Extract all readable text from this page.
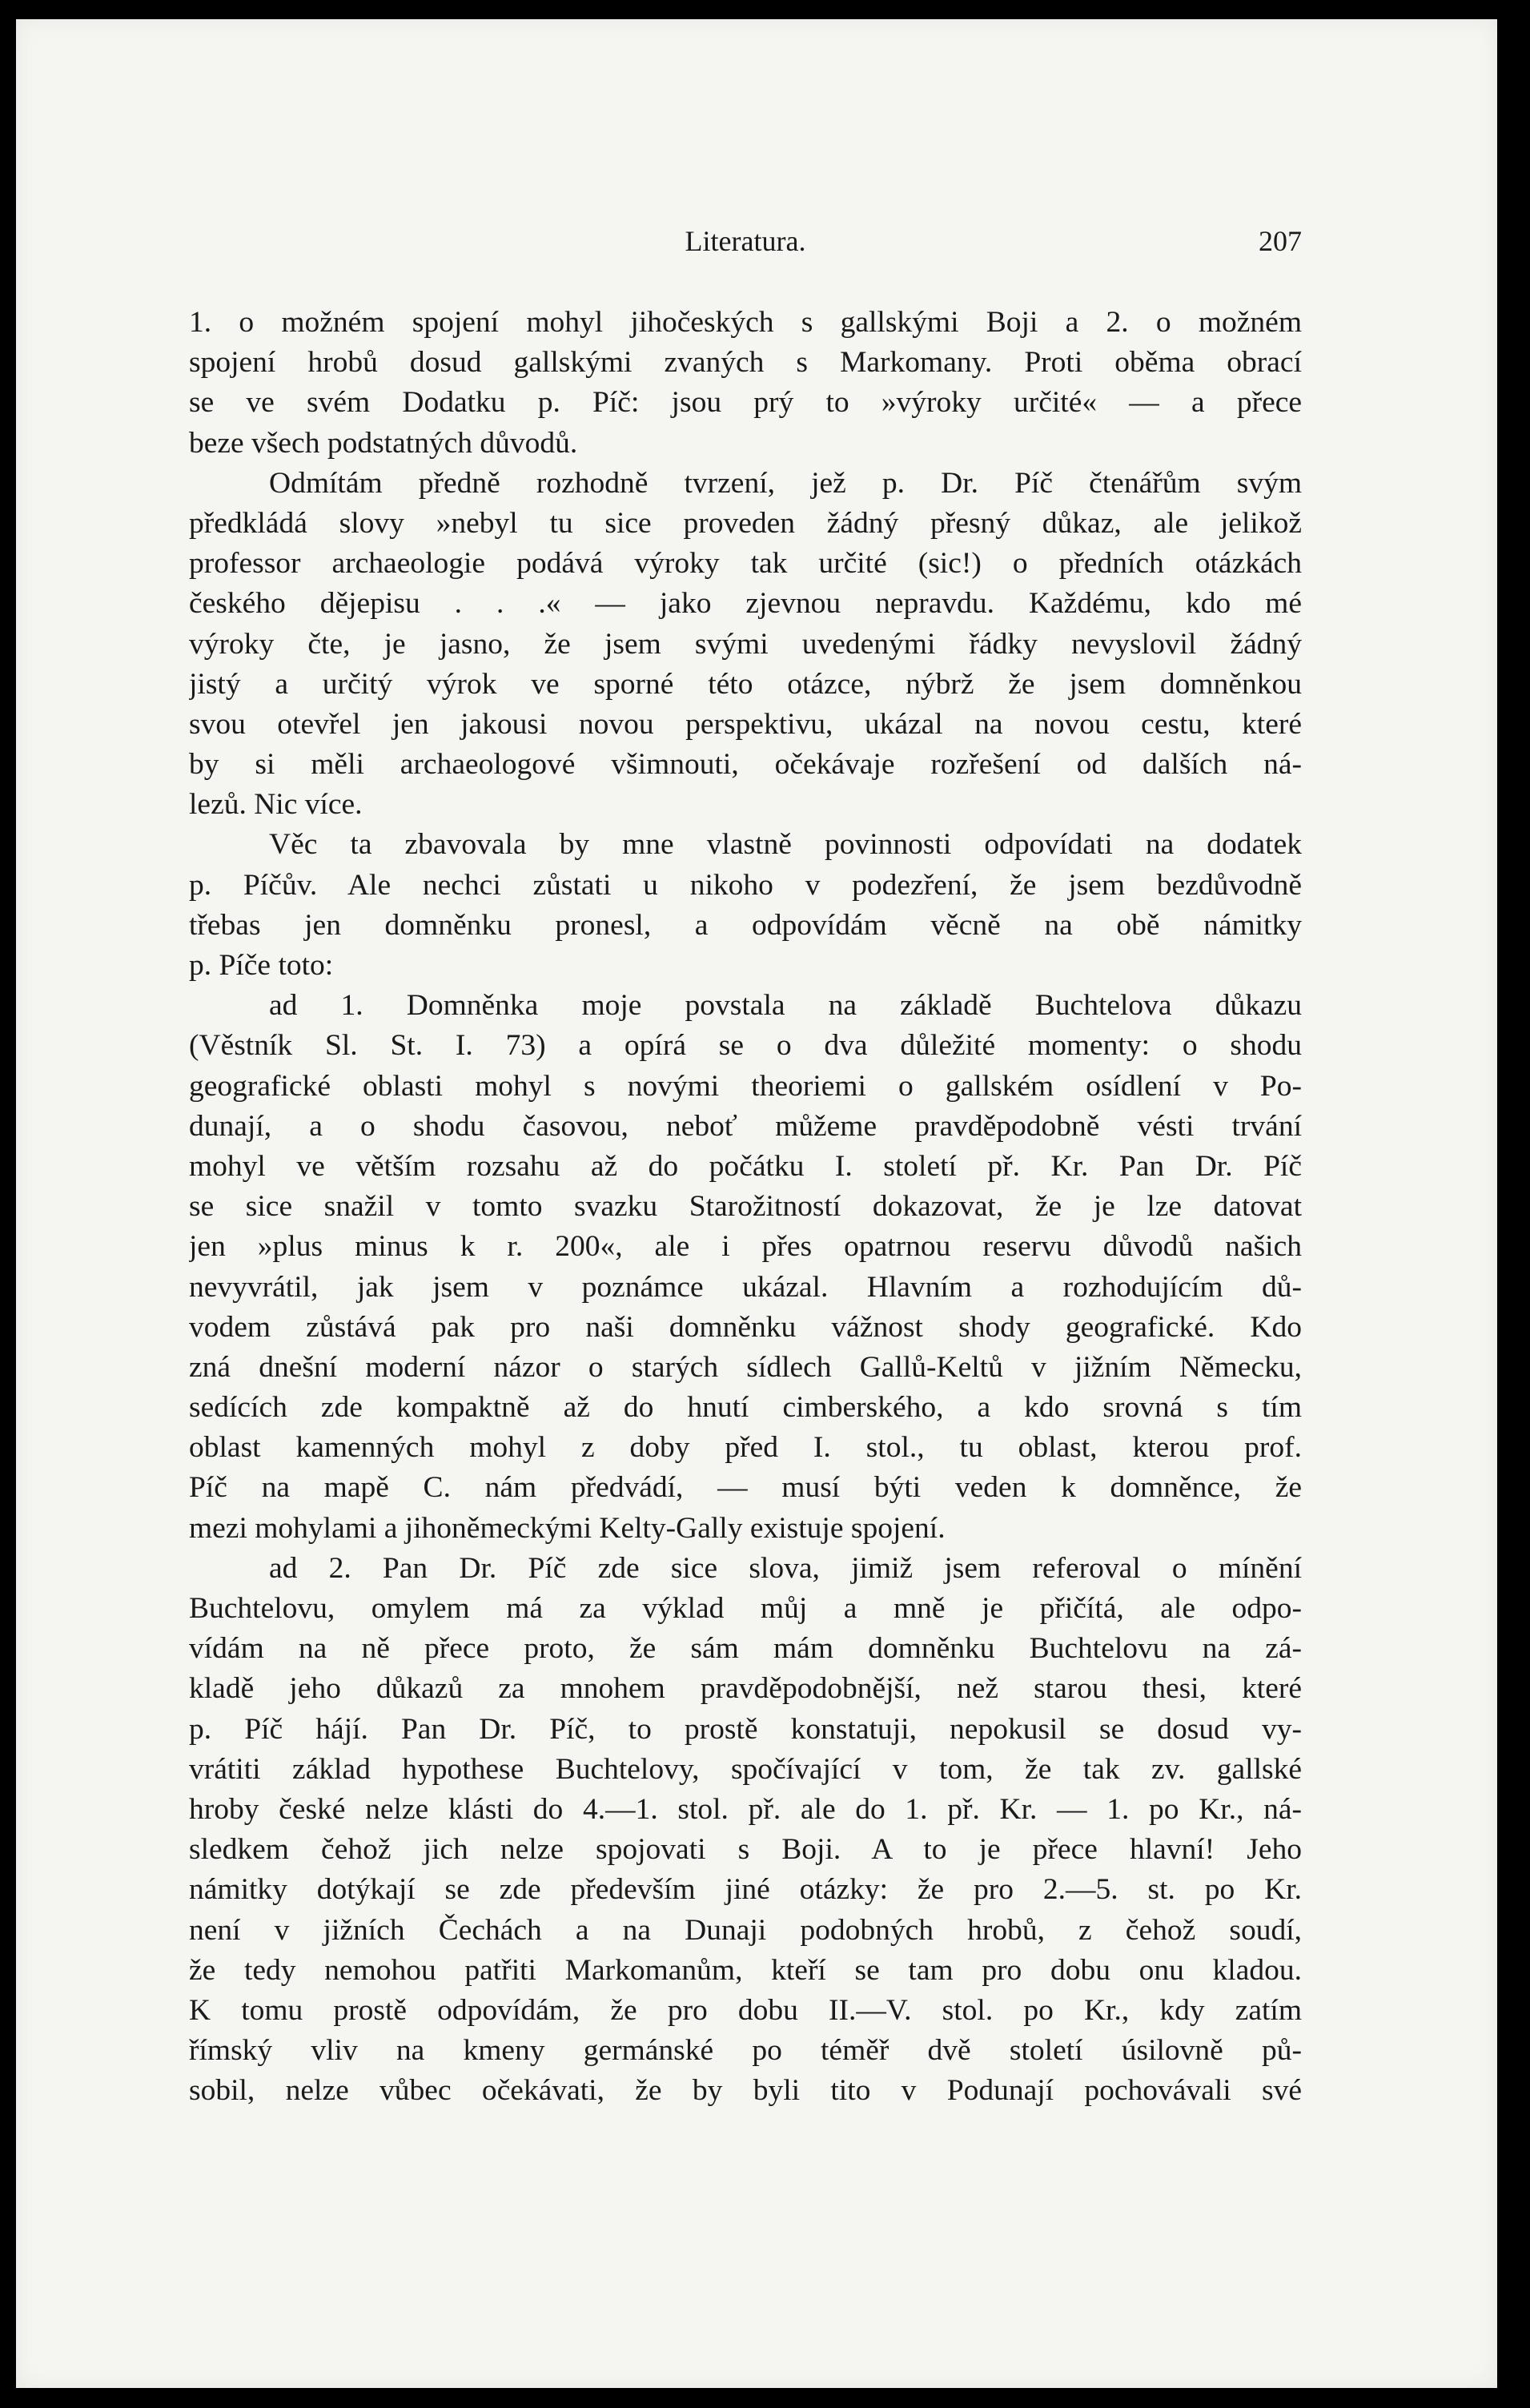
Literatura.	207
1. o možném spojení mohyl jihočeských s gallskými Boji a 2. o možném
spojení hrobů dosud gallskými zvaných s Markomany. Proti oběma obrací
se ve svém Dodatku p. Píč: jsou prý to »výroky určité« — a přece
beze všech podstatných důvodů.
Odmítám předně rozhodně tvrzení, jež p. Dr. Píč čtenářům svým
předkládá slovy »nebyl tu sice proveden žádný přesný důkaz, ale jelikož
professor archaeologie podává výroky tak určité (sic!) o předních otázkách
českého dějepisu . . .« — jako zjevnou nepravdu. Každému, kdo mé
výroky čte, je jasno, že jsem svými uvedenými řádky nevyslovil žádný
jistý a určitý výrok ve sporné této otázce, nýbrž že jsem domněnkou
svou otevřel jen jakousi novou perspektivu, ukázal na novou cestu, které
by si měli archaeologové všimnouti, očekávaje rozřešení od dalších ná-
lezů. Nic více.
Věc ta zbavovala by mne vlastně povinnosti odpovídati na dodatek
p. Píčův. Ale nechci zůstati u nikoho v podezření, že jsem bezdůvodně
třebas jen domněnku pronesl, a odpovídám věcně na obě námitky
p. Píče toto:
ad 1. Domněnka moje povstala na základě Buchtelova důkazu
(Věstník Sl. St. I. 73) a opírá se o dva důležité momenty: o shodu
geografické oblasti mohyl s novými theoriemi o gallském osídlení v Po-
dunají, a o shodu časovou, neboť můžeme pravděpodobně vésti trvání
mohyl ve větším rozsahu až do počátku I. století př. Kr. Pan Dr. Píč
se sice snažil v tomto svazku Starožitností dokazovat, že je lze datovat
jen »plus minus k r. 200«, ale i přes opatrnou reservu důvodů našich
nevyvrátil, jak jsem v poznámce ukázal. Hlavním a rozhodujícím dů-
vodem zůstává pak pro naši domněnku vážnost shody geografické. Kdo
zná dnešní moderní názor o starých sídlech Gallů-Keltů v jižním Německu,
sedících zde kompaktně až do hnutí cimberského, a kdo srovná s tím
oblast kamenných mohyl z doby před I. stol., tu oblast, kterou prof.
Píč na mapě C. nám předvádí, — musí býti veden k domněnce, že
mezi mohylami a jihoněmeckými Kelty-Gally existuje spojení.
ad 2. Pan Dr. Píč zde sice slova, jimiž jsem referoval o mínění
Buchtelovu, omylem má za výklad můj a mně je přičítá, ale odpo-
vídám na ně přece proto, že sám mám domněnku Buchtelovu na zá-
kladě jeho důkazů za mnohem pravděpodobnější, než starou thesi, které
p. Píč hájí. Pan Dr. Píč, to prostě konstatuji, nepokusil se dosud vy-
vrátiti základ hypothese Buchtelovy, spočívající v tom, že tak zv. gallské
hroby české nelze klásti do 4.—1. stol. př. ale do 1. př. Kr. — 1. po Kr., ná-
sledkem čehož jich nelze spojovati s Boji. A to je přece hlavní! Jeho
námitky dotýkají se zde především jiné otázky: že pro 2.—5. st. po Kr.
není v jižních Čechách a na Dunaji podobných hrobů, z čehož soudí,
že tedy nemohou patřiti Markomanům, kteří se tam pro dobu onu kladou.
K tomu prostě odpovídám, že pro dobu II.—V. stol. po Kr., kdy zatím
římský vliv na kmeny germánské po téměř dvě století úsilovně pů-
sobil, nelze vůbec očekávati, že by byli tito v Podunají pochovávali své
